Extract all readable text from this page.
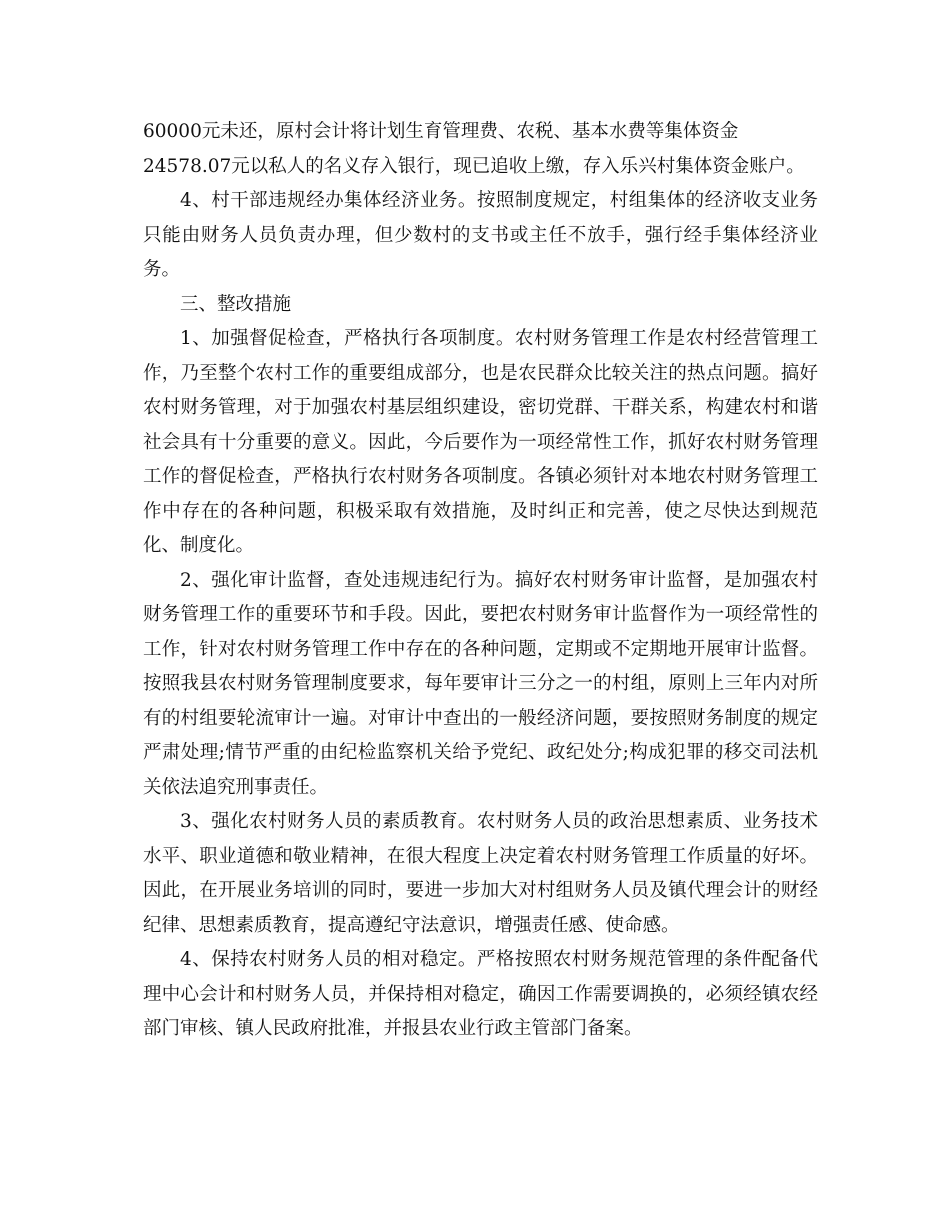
60000元未还，原村会计将计划生育管理费、农税、基本水费等集体资金
24578.07元以私人的名义存入银行，现已追收上缴，存入乐兴村集体资金账户。

4、村干部违规经办集体经济业务。按照制度规定，村组集体的经济收支业务只能由财务人员负责办理，但少数村的支书或主任不放手，强行经手集体经济业务。

三、整改措施

1、加强督促检查，严格执行各项制度。农村财务管理工作是农村经营管理工作，乃至整个农村工作的重要组成部分，也是农民群众比较关注的热点问题。搞好农村财务管理，对于加强农村基层组织建设，密切党群、干群关系，构建农村和谐社会具有十分重要的意义。因此，今后要作为一项经常性工作，抓好农村财务管理工作的督促检查，严格执行农村财务各项制度。各镇必须针对本地农村财务管理工作中存在的各种问题，积极采取有效措施，及时纠正和完善，使之尽快达到规范化、制度化。

2、强化审计监督，查处违规违纪行为。搞好农村财务审计监督，是加强农村财务管理工作的重要环节和手段。因此，要把农村财务审计监督作为一项经常性的工作，针对农村财务管理工作中存在的各种问题，定期或不定期地开展审计监督。按照我县农村财务管理制度要求，每年要审计三分之一的村组，原则上三年内对所有的村组要轮流审计一遍。对审计中查出的一般经济问题，要按照财务制度的规定严肃处理;情节严重的由纪检监察机关给予党纪、政纪处分;构成犯罪的移交司法机关依法追究刑事责任。

3、强化农村财务人员的素质教育。农村财务人员的政治思想素质、业务技术水平、职业道德和敬业精神，在很大程度上决定着农村财务管理工作质量的好坏。因此，在开展业务培训的同时，要进一步加大对村组财务人员及镇代理会计的财经纪律、思想素质教育，提高遵纪守法意识，增强责任感、使命感。

4、保持农村财务人员的相对稳定。严格按照农村财务规范管理的条件配备代理中心会计和村财务人员，并保持相对稳定，确因工作需要调换的，必须经镇农经部门审核、镇人民政府批准，并报县农业行政主管部门备案。
